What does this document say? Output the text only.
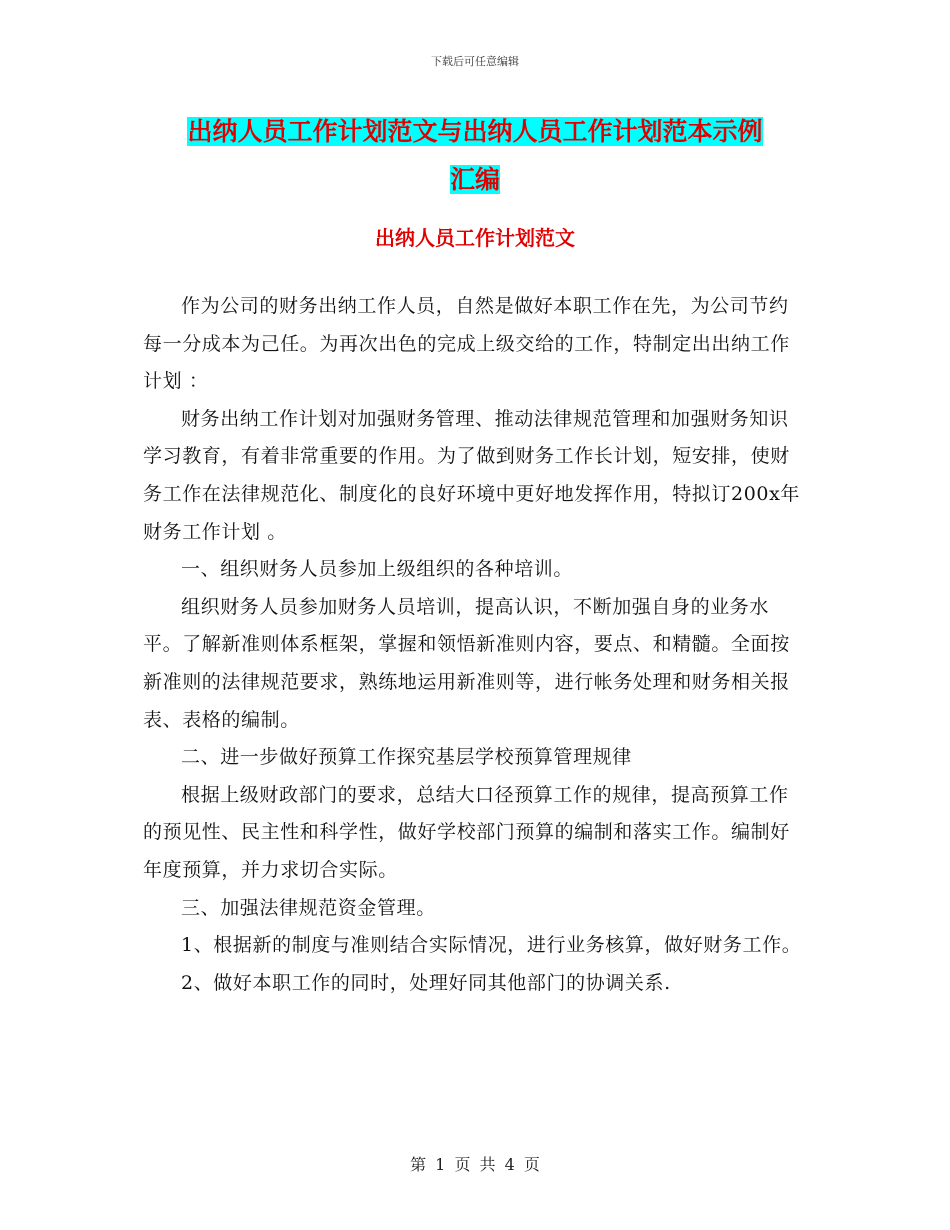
下载后可任意编辑
出纳人员工作计划范文与出纳人员工作计划范本示例
汇编
出纳人员工作计划范文

作为公司的财务出纳工作人员，自然是做好本职工作在先，为公司节约每一分成本为己任。为再次出色的完成上级交给的工作，特制定出出纳工作计划 ：

财务出纳工作计划对加强财务管理、推动法律规范管理和加强财务知识学习教育，有着非常重要的作用。为了做到财务工作长计划，短安排，使财务工作在法律规范化、制度化的良好环境中更好地发挥作用，特拟订200x年财务工作计划 。

一、组织财务人员参加上级组织的各种培训。

组织财务人员参加财务人员培训，提高认识，不断加强自身的业务水平。了解新准则体系框架，掌握和领悟新准则内容，要点、和精髓。全面按新准则的法律规范要求，熟练地运用新准则等，进行帐务处理和财务相关报表、表格的编制。

二、进一步做好预算工作探究基层学校预算管理规律

根据上级财政部门的要求，总结大口径预算工作的规律，提高预算工作的预见性、民主性和科学性，做好学校部门预算的编制和落实工作。编制好年度预算，并力求切合实际。

三、加强法律规范资金管理。

1、根据新的制度与准则结合实际情况，进行业务核算，做好财务工作。

2、做好本职工作的同时，处理好同其他部门的协调关系.

第 1 页 共 4 页
